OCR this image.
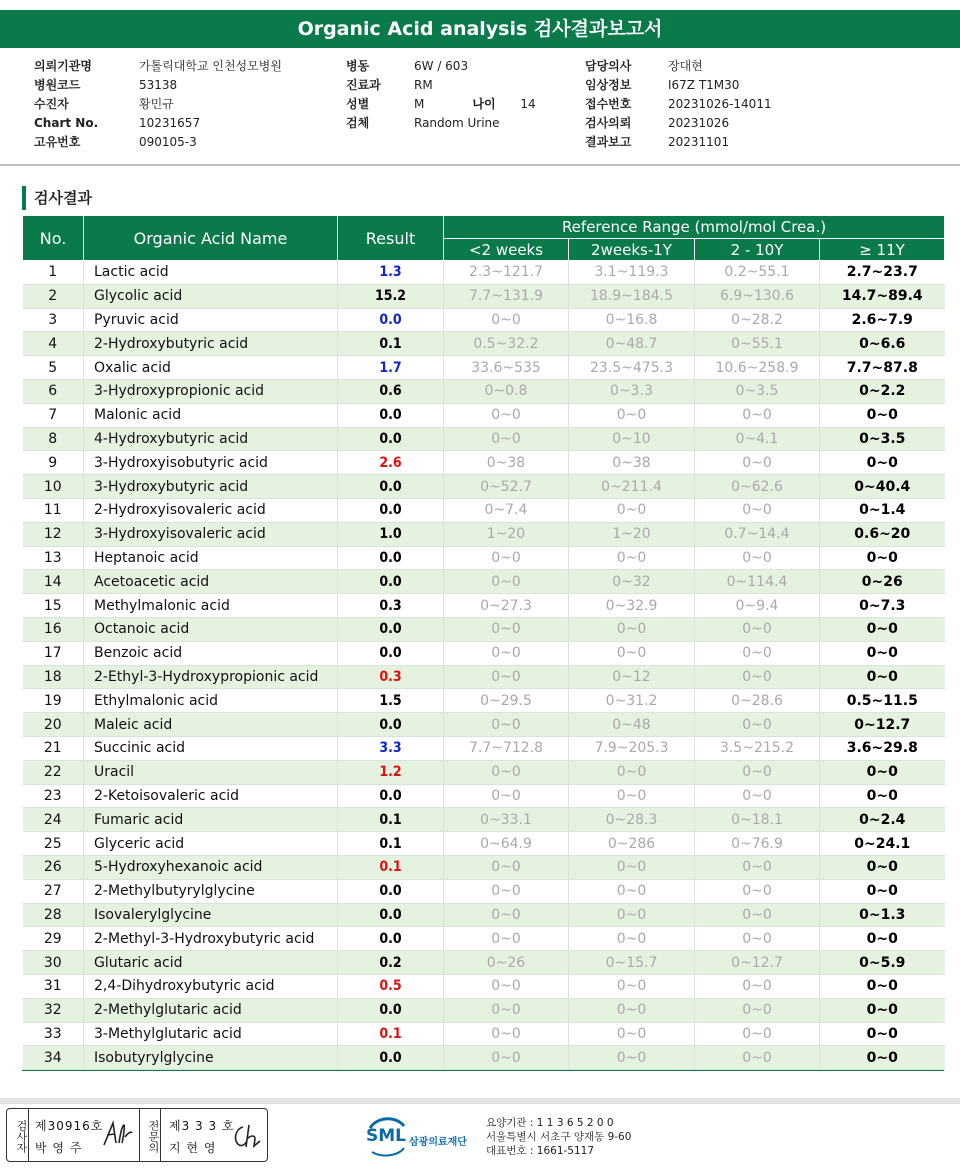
Organic Acid analysis 검사결과보고서
의뢰기관명	가톨릭대학교 인천성모병원
병원코드	53138
수진자	황민규
Chart No.	10231657
고유번호	090105-3
병동	6W / 603
진료과	RM
성별	M	나이	14
검체	Random Urine
담당의사	장대현
임상정보	I67Z T1M30
접수번호	20231026-14011
검사의뢰	20231026
결과보고	20231101
검사결과
No.	Organic Acid Name	Result	Reference Range (mmol/mol Crea.)			
			<2 weeks	2weeks-1Y	2 - 10Y	≥ 11Y
1	Lactic acid	1.3	2.3~121.7	3.1~119.3	0.2~55.1	2.7~23.7
2	Glycolic acid	15.2	7.7~131.9	18.9~184.5	6.9~130.6	14.7~89.4
3	Pyruvic acid	0.0	0~0	0~16.8	0~28.2	2.6~7.9
4	2-Hydroxybutyric acid	0.1	0.5~32.2	0~48.7	0~55.1	0~6.6
5	Oxalic acid	1.7	33.6~535	23.5~475.3	10.6~258.9	7.7~87.8
6	3-Hydroxypropionic acid	0.6	0~0.8	0~3.3	0~3.5	0~2.2
7	Malonic acid	0.0	0~0	0~0	0~0	0~0
8	4-Hydroxybutyric acid	0.0	0~0	0~10	0~4.1	0~3.5
9	3-Hydroxyisobutyric acid	2.6	0~38	0~38	0~0	0~0
10	3-Hydroxybutyric acid	0.0	0~52.7	0~211.4	0~62.6	0~40.4
11	2-Hydroxyisovaleric acid	0.0	0~7.4	0~0	0~0	0~1.4
12	3-Hydroxyisovaleric acid	1.0	1~20	1~20	0.7~14.4	0.6~20
13	Heptanoic acid	0.0	0~0	0~0	0~0	0~0
14	Acetoacetic acid	0.0	0~0	0~32	0~114.4	0~26
15	Methylmalonic acid	0.3	0~27.3	0~32.9	0~9.4	0~7.3
16	Octanoic acid	0.0	0~0	0~0	0~0	0~0
17	Benzoic acid	0.0	0~0	0~0	0~0	0~0
18	2-Ethyl-3-Hydroxypropionic acid	0.3	0~0	0~12	0~0	0~0
19	Ethylmalonic acid	1.5	0~29.5	0~31.2	0~28.6	0.5~11.5
20	Maleic acid	0.0	0~0	0~48	0~0	0~12.7
21	Succinic acid	3.3	7.7~712.8	7.9~205.3	3.5~215.2	3.6~29.8
22	Uracil	1.2	0~0	0~0	0~0	0~0
23	2-Ketoisovaleric acid	0.0	0~0	0~0	0~0	0~0
24	Fumaric acid	0.1	0~33.1	0~28.3	0~18.1	0~2.4
25	Glyceric acid	0.1	0~64.9	0~286	0~76.9	0~24.1
26	5-Hydroxyhexanoic acid	0.1	0~0	0~0	0~0	0~0
27	2-Methylbutyrylglycine	0.0	0~0	0~0	0~0	0~0
28	Isovalerylglycine	0.0	0~0	0~0	0~0	0~1.3
29	2-Methyl-3-Hydroxybutyric acid	0.0	0~0	0~0	0~0	0~0
30	Glutaric acid	0.2	0~26	0~15.7	0~12.7	0~5.9
31	2,4-Dihydroxybutyric acid	0.5	0~0	0~0	0~0	0~0
32	2-Methylglutaric acid	0.0	0~0	0~0	0~0	0~0
33	3-Methylglutaric acid	0.1	0~0	0~0	0~0	0~0
34	Isobutyrylglycine	0.0	0~0	0~0	0~0	0~0
검사자 제30916호
박 영 주	전문의 제3 3 3 호
지 현 영
SML 삼광의료재단
요양기관 : 1 1 3 6 5 2 0 0
서울특별시 서초구 양재동 9-60
대표번호 : 1661-5117
